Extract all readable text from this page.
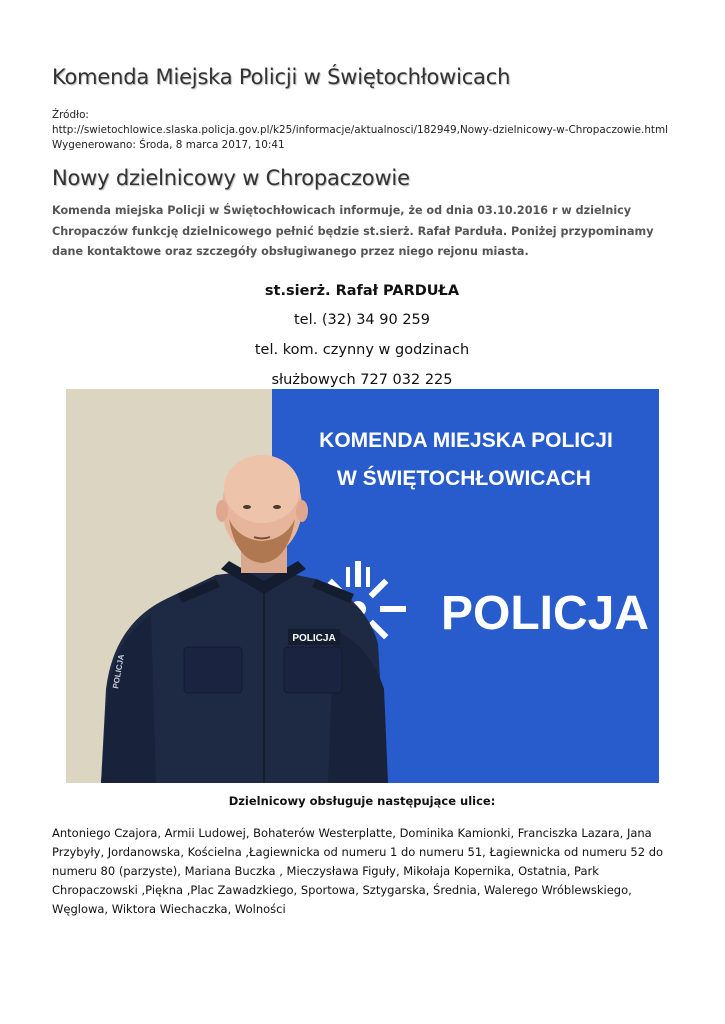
Komenda Miejska Policji w Świętochłowicach
Źródło:
http://swietochlowice.slaska.policja.gov.pl/k25/informacje/aktualnosci/182949,Nowy-dzielnicowy-w-Chropaczowie.html
Wygenerowano: Środa, 8 marca 2017, 10:41
Nowy dzielnicowy w Chropaczowie

Komenda miejska Policji w Świętochłowicach informuje, że od dnia 03.10.2016 r w dzielnicy Chropaczów funkcję dzielnicowego pełnić będzie st.sierż. Rafał Parduła. Poniżej przypominamy dane kontaktowe oraz szczegóły obsługiwanego przez niego rejonu miasta.

st.sierż. Rafał PARDUŁA
tel. (32) 34 90 259
tel. kom. czynny w godzinach
służbowych 727 032 225
KOMENDA MIEJSKA POLICJI
W ŚWIĘTOCHŁOWICACH
POLICJA
POLICJA
POLICJA
Dzielnicowy obsługuje następujące ulice:
Antoniego Czajora, Armii Ludowej, Bohaterów Westerplatte, Dominika Kamionki, Franciszka Lazara, Jana Przybyły, Jordanowska, Kościelna ,Łagiewnicka od numeru 1 do numeru 51, Łagiewnicka od numeru 52 do numeru 80 (parzyste), Mariana Buczka , Mieczysława Figuły, Mikołaja Kopernika, Ostatnia, Park Chropaczowski ,Piękna ,Plac Zawadzkiego, Sportowa, Sztygarska, Średnia, Walerego Wróblewskiego, Węglowa, Wiktora Wiechaczka, Wolności
